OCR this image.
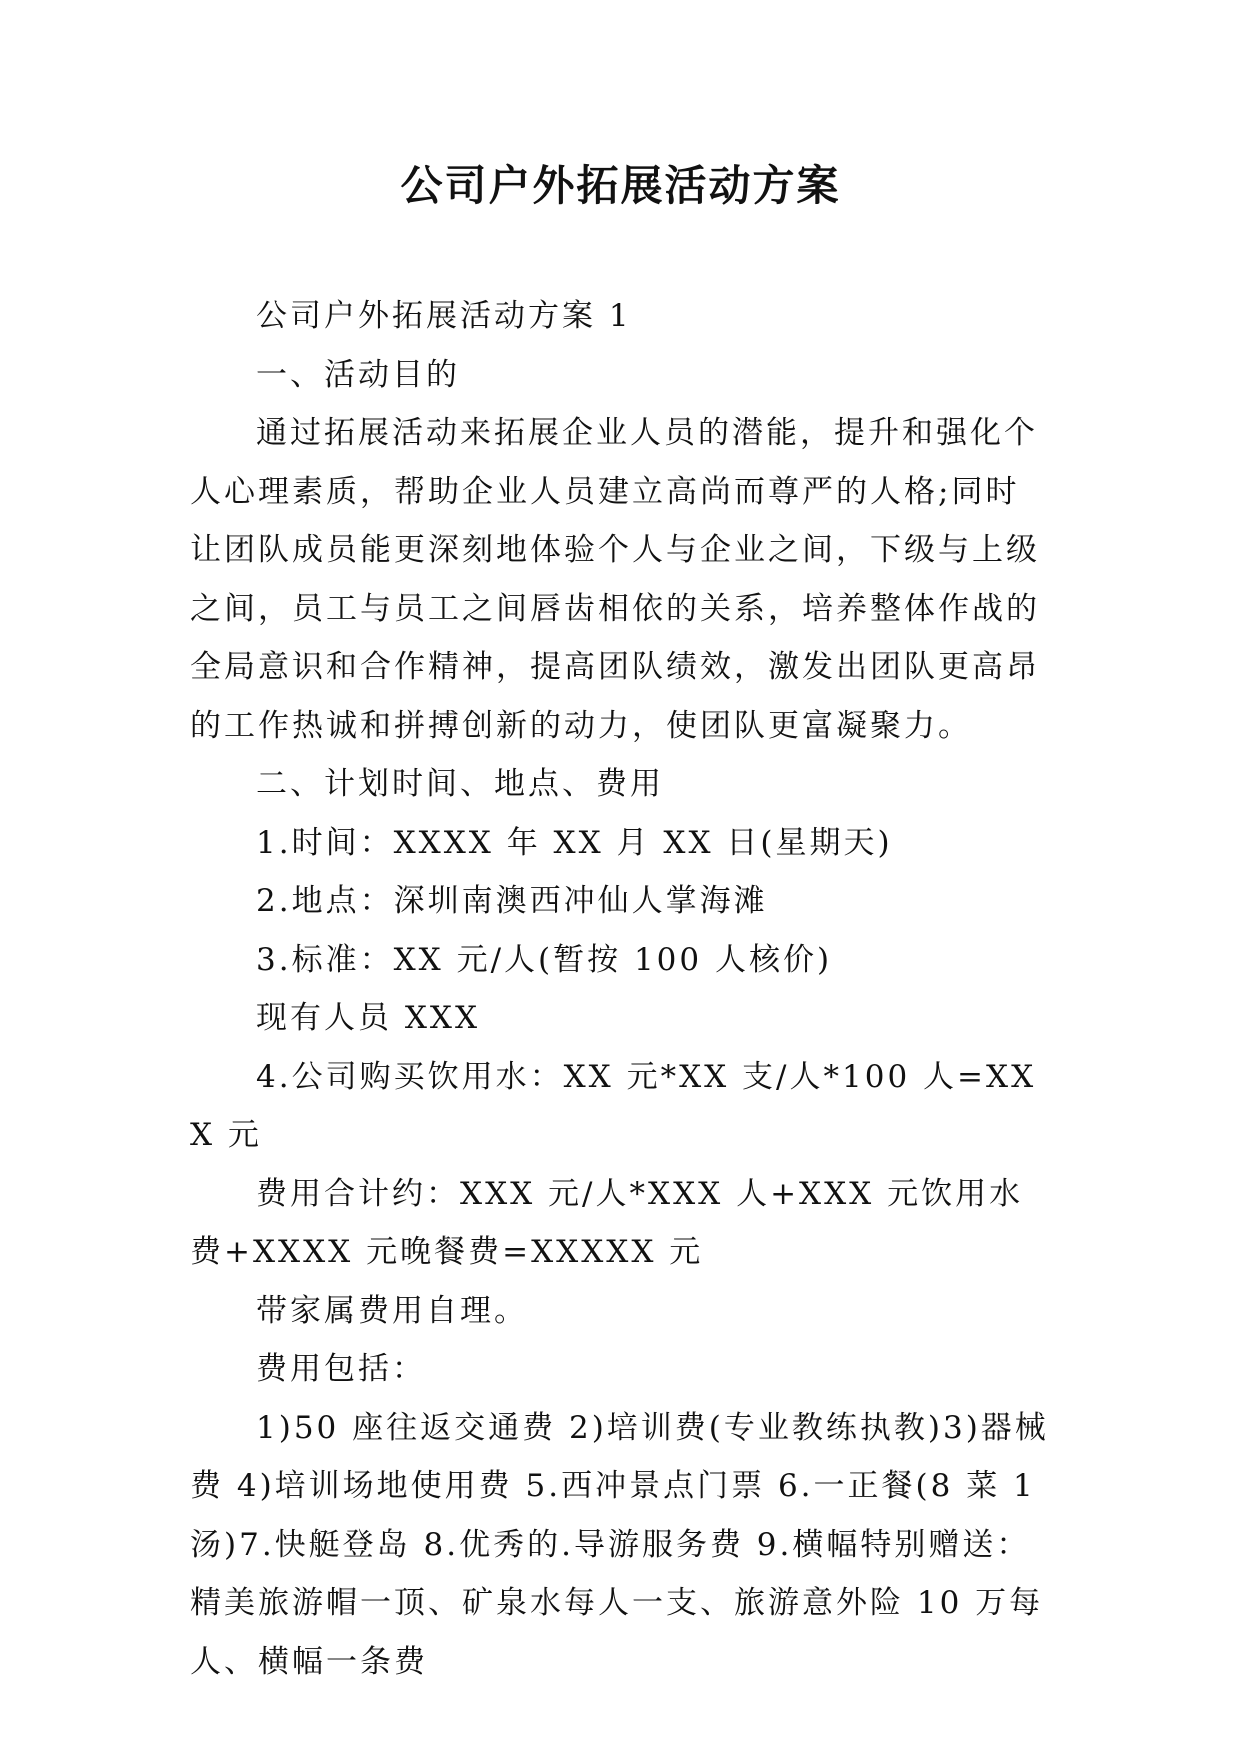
公司户外拓展活动方案

公司户外拓展活动方案 1

一、活动目的

通过拓展活动来拓展企业人员的潜能，提升和强化个人心理素质，帮助企业人员建立高尚而尊严的人格;同时让团队成员能更深刻地体验个人与企业之间，下级与上级之间，员工与员工之间唇齿相依的关系，培养整体作战的全局意识和合作精神，提高团队绩效，激发出团队更高昂的工作热诚和拼搏创新的动力，使团队更富凝聚力。

二、计划时间、地点、费用

1.时间：XXXX 年 XX 月 XX 日(星期天)

2.地点：深圳南澳西冲仙人掌海滩

3.标准：XX 元/人(暂按 100 人核价)

现有人员 XXX

4.公司购买饮用水：XX 元*XX 支/人*100 人=XXX 元

费用合计约：XXX 元/人*XXX 人+XXX 元饮用水费+XXXX 元晚餐费=XXXXX 元

带家属费用自理。

费用包括：

1)50 座往返交通费 2)培训费(专业教练执教)3)器械费 4)培训场地使用费 5.西冲景点门票 6.一正餐(8 菜 1 汤)7.快艇登岛 8.优秀的.导游服务费 9.横幅特别赠送：精美旅游帽一顶、矿泉水每人一支、旅游意外险 10 万每人、横幅一条费
